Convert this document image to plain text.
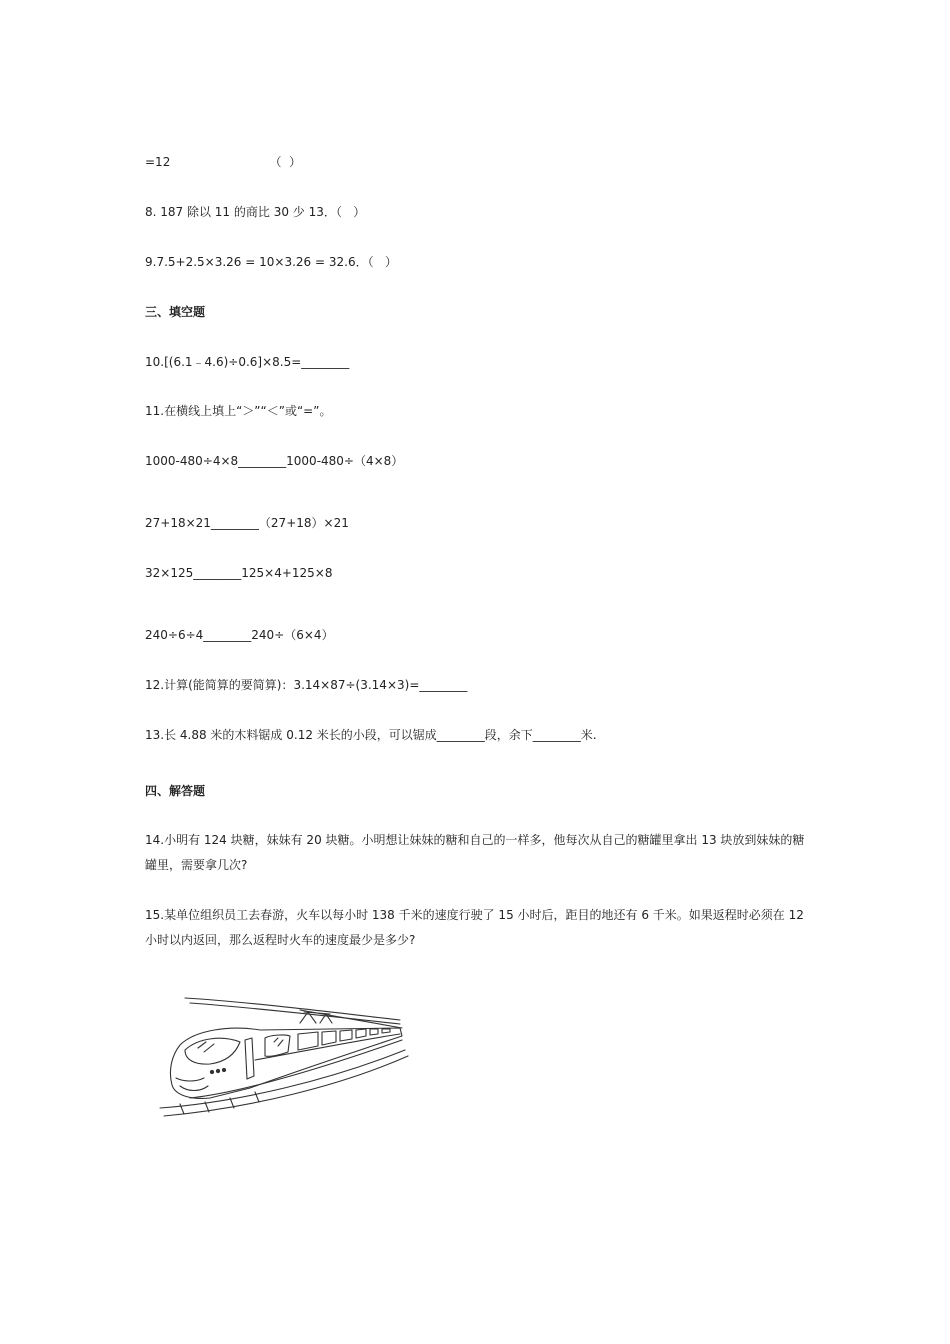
=12                          （  ）
8. 187 除以 11 的商比 30 少 13．（   ）
9.7.5+2.5×3.26 = 10×3.26 = 32.6．（   ）
三、填空题
10.[(6.1﹣4.6)÷0.6]×8.5=________
11.在横线上填上“＞”“＜”或“=”。
1000-480÷4×8________1000-480÷（4×8）
27+18×21________（27+18）×21
32×125________125×4+125×8
240÷6÷4________240÷（6×4）
12.计算(能简算的要简算)：3.14×87÷(3.14×3)=________
13.长 4.88 米的木料锯成 0.12 米长的小段，可以锯成________段，余下________米.
四、解答题
14.小明有 124 块糖，妹妹有 20 块糖。小明想让妹妹的糖和自己的一样多，他每次从自己的糖罐里拿出 13 块放到妹妹的糖罐里，需要拿几次?
15.某单位组织员工去春游，火车以每小时 138 千米的速度行驶了 15 小时后，距目的地还有 6 千米。如果返程时必须在 12 小时以内返回，那么返程时火车的速度最少是多少?
